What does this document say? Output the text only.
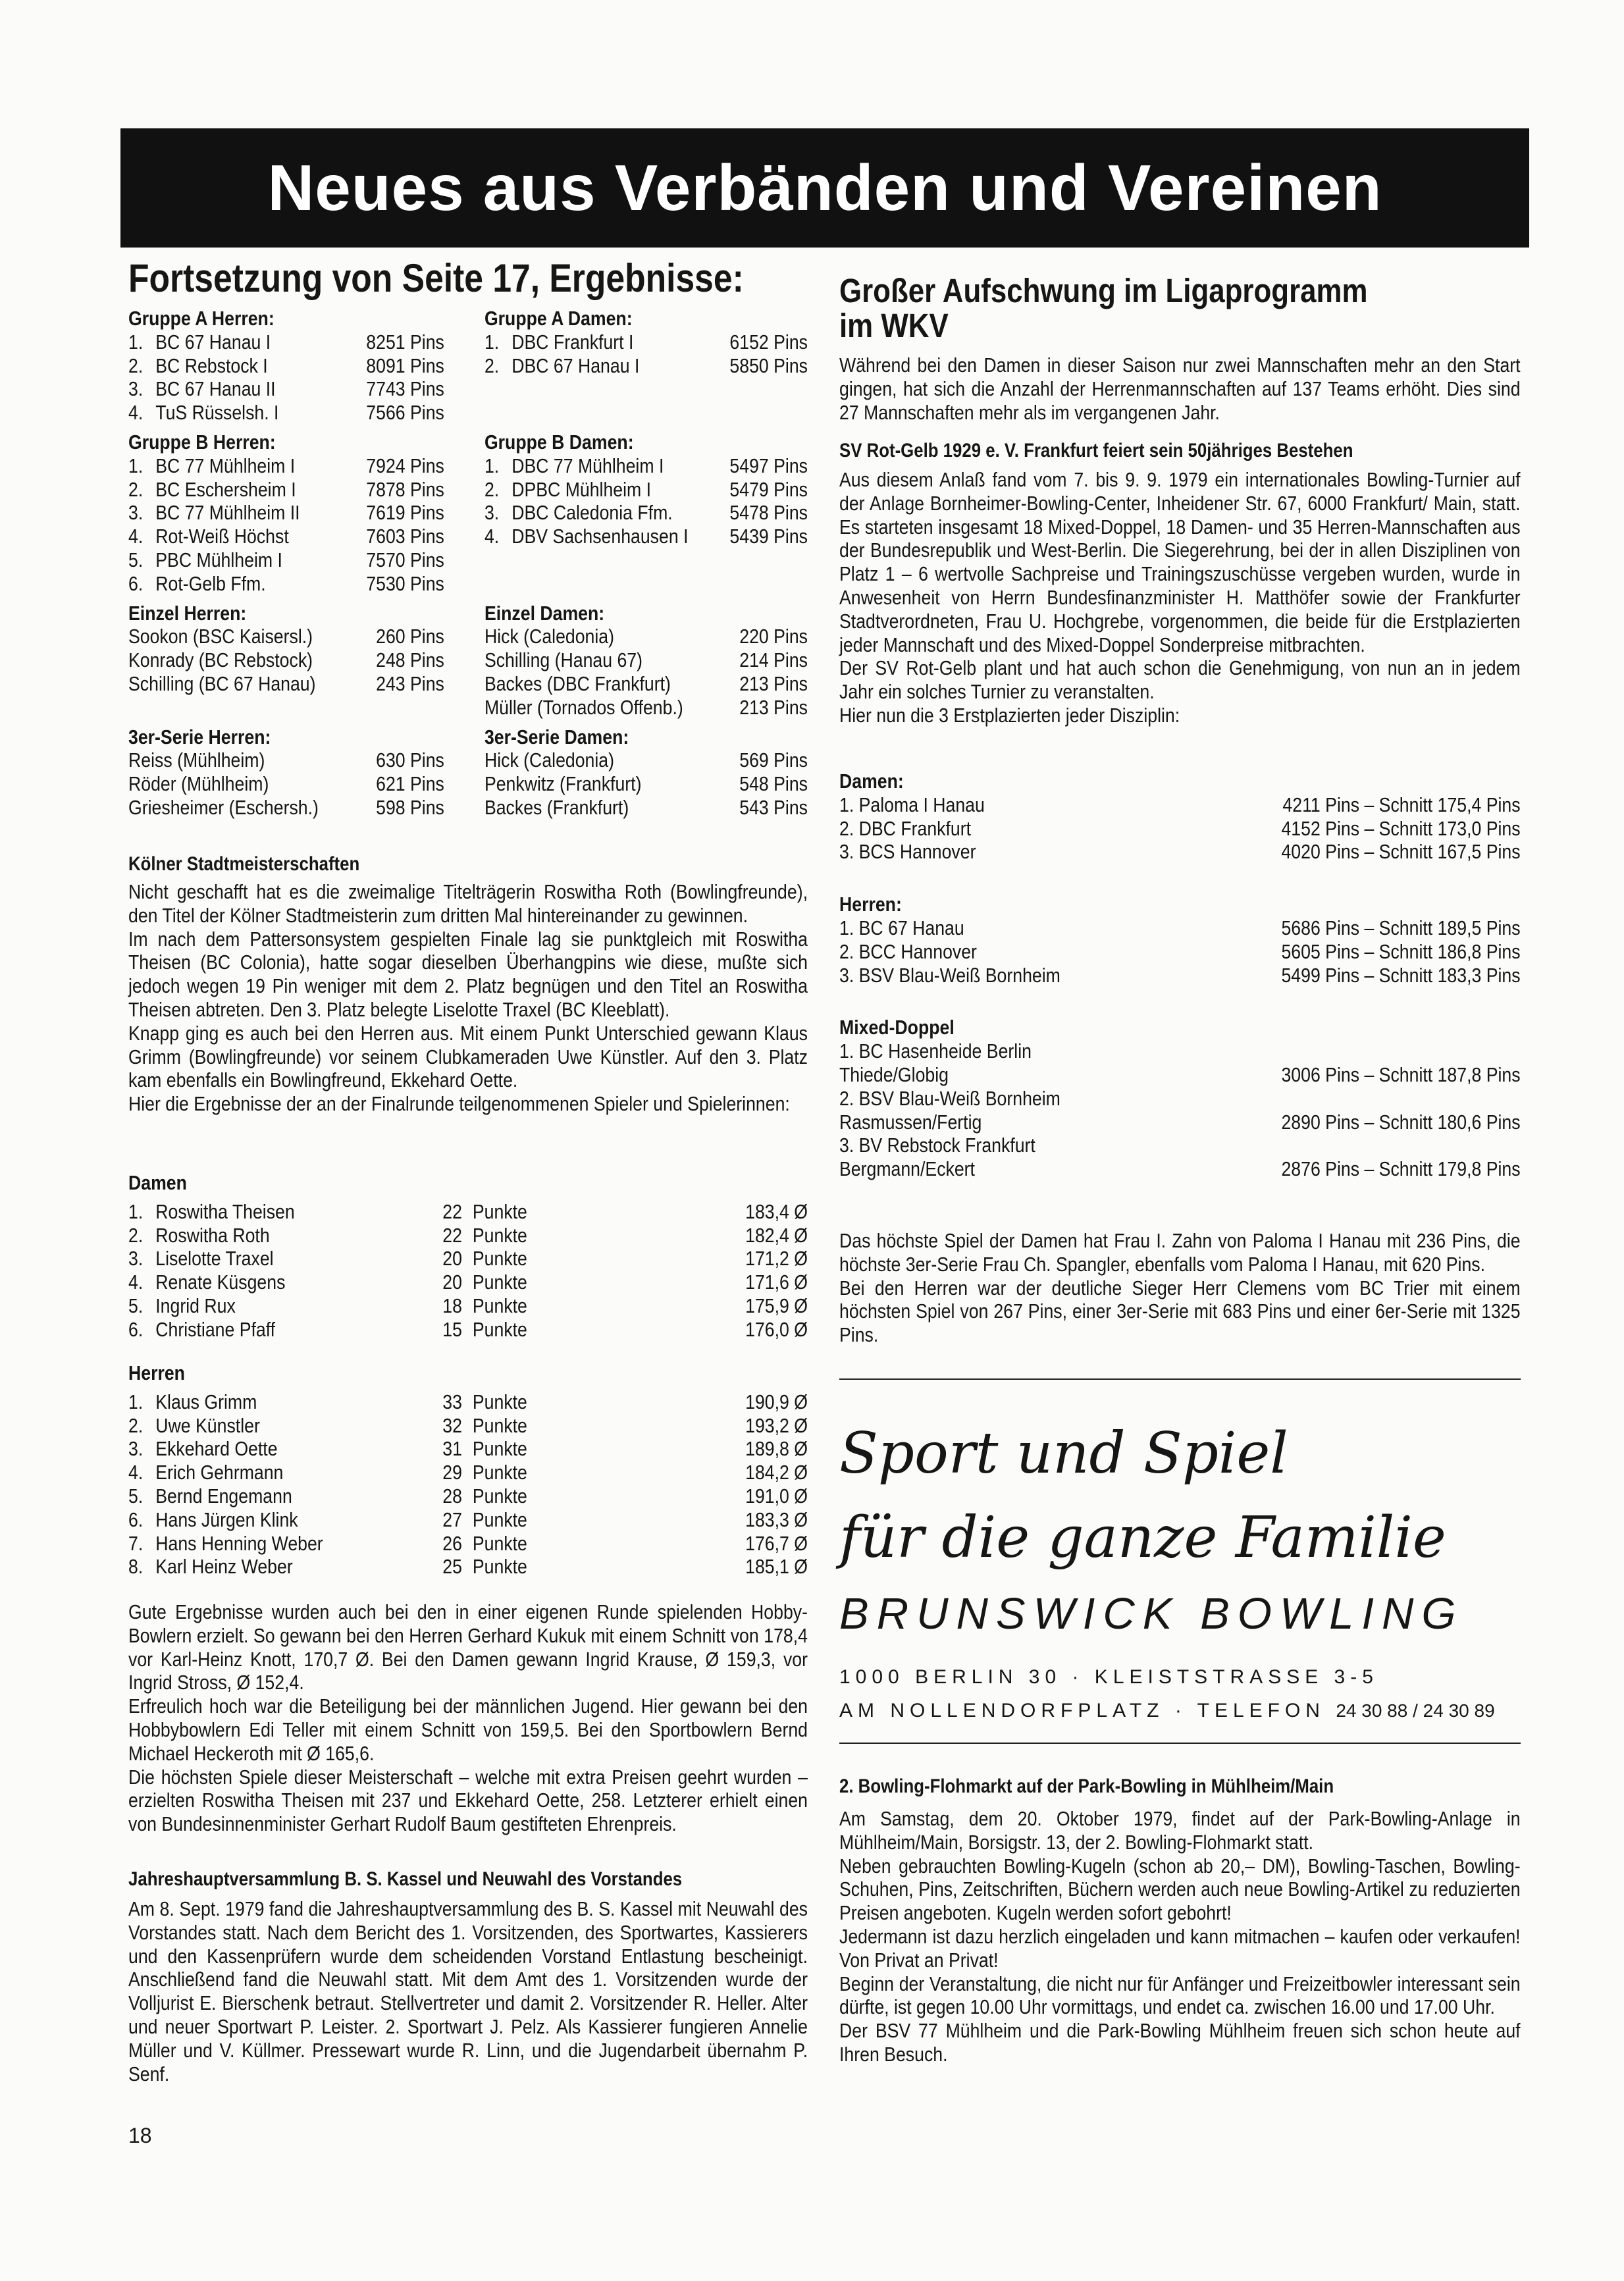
Neues aus Verbänden und Vereinen
Fortsetzung von Seite 17, Ergebnisse:
Gruppe A Herren:
1. BC 67 Hanau I	8251 Pins
2. BC Rebstock I	8091 Pins
3. BC 67 Hanau II	7743 Pins
4. TuS Rüsselsh. I	7566 Pins
Gruppe A Damen:
1. DBC Frankfurt I	6152 Pins
2. DBC 67 Hanau I	5850 Pins
Gruppe B Herren:
1. BC 77 Mühlheim I	7924 Pins
2. BC Eschersheim I	7878 Pins
3. BC 77 Mühlheim II	7619 Pins
4. Rot-Weiß Höchst	7603 Pins
5. PBC Mühlheim I	7570 Pins
6. Rot-Gelb Ffm.	7530 Pins
Gruppe B Damen:
1. DBC 77 Mühlheim I	5497 Pins
2. DPBC Mühlheim I	5479 Pins
3. DBC Caledonia Ffm.	5478 Pins
4. DBV Sachsenhausen I 5439 Pins
Einzel Herren:
Sookon (BSC Kaisersl.)	260 Pins
Konrady (BC Rebstock)	248 Pins
Schilling (BC 67 Hanau)	243 Pins
Einzel Damen:
Hick (Caledonia)	220 Pins
Schilling (Hanau 67)	214 Pins
Backes (DBC Frankfurt)	213 Pins
Müller (Tornados Offenb.)	213 Pins
3er-Serie Herren:
Reiss (Mühlheim)	630 Pins
Röder (Mühlheim)	621 Pins
Griesheimer (Eschersh.)	598 Pins
3er-Serie Damen:
Hick (Caledonia)	569 Pins
Penkwitz (Frankfurt)	548 Pins
Backes (Frankfurt)	543 Pins
Kölner Stadtmeisterschaften

Nicht geschafft hat es die zweimalige Titelträgerin Roswitha Roth (Bowlingfreunde), den Titel der Kölner Stadtmeisterin zum dritten Mal hintereinander zu gewinnen.

Im nach dem Pattersonsystem gespielten Finale lag sie punktgleich mit Roswitha Theisen (BC Colonia), hatte sogar dieselben Überhangpins wie diese, mußte sich jedoch wegen 19 Pin weniger mit dem 2. Platz begnügen und den Titel an Roswitha Theisen abtreten. Den 3. Platz belegte Liselotte Traxel (BC Kleeblatt).

Knapp ging es auch bei den Herren aus. Mit einem Punkt Unterschied gewann Klaus Grimm (Bowlingfreunde) vor seinem Clubkameraden Uwe Künstler. Auf den 3. Platz kam ebenfalls ein Bowlingfreund, Ekkehard Oette.

Hier die Ergebnisse der an der Finalrunde teilgenommenen Spieler und Spielerinnen:

Damen
1. Roswitha Theisen	22 Punkte	183,4 Ø
2. Roswitha Roth	22 Punkte	182,4 Ø
3. Liselotte Traxel	20 Punkte	171,2 Ø
4. Renate Küsgens	20 Punkte	171,6 Ø
5. Ingrid Rux	18 Punkte	175,9 Ø
6. Christiane Pfaff	15 Punkte	176,0 Ø
Herren
1. Klaus Grimm	33 Punkte	190,9 Ø
2. Uwe Künstler	32 Punkte	193,2 Ø
3. Ekkehard Oette	31 Punkte	189,8 Ø
4. Erich Gehrmann	29 Punkte	184,2 Ø
5. Bernd Engemann	28 Punkte	191,0 Ø
6. Hans Jürgen Klink	27 Punkte	183,3 Ø
7. Hans Henning Weber	26 Punkte	176,7 Ø
8. Karl Heinz Weber	25 Punkte	185,1 Ø

Gute Ergebnisse wurden auch bei den in einer eigenen Runde spielenden Hobby-Bowlern erzielt. So gewann bei den Herren Gerhard Kukuk mit einem Schnitt von 178,4 vor Karl-Heinz Knott, 170,7 Ø. Bei den Damen gewann Ingrid Krause, Ø 159,3, vor Ingrid Stross, Ø 152,4.

Erfreulich hoch war die Beteiligung bei der männlichen Jugend. Hier gewann bei den Hobbybowlern Edi Teller mit einem Schnitt von 159,5. Bei den Sportbowlern Bernd Michael Heckeroth mit Ø 165,6.

Die höchsten Spiele dieser Meisterschaft – welche mit extra Preisen geehrt wurden – erzielten Roswitha Theisen mit 237 und Ekkehard Oette, 258. Letzterer erhielt einen von Bundesinnenminister Gerhart Rudolf Baum gestifteten Ehrenpreis.

Jahreshauptversammlung B. S. Kassel und Neuwahl des Vorstandes

Am 8. Sept. 1979 fand die Jahreshauptversammlung des B. S. Kassel mit Neuwahl des Vorstandes statt. Nach dem Bericht des 1. Vorsitzenden, des Sportwartes, Kassierers und den Kassenprüfern wurde dem scheidenden Vorstand Entlastung bescheinigt. Anschließend fand die Neuwahl statt. Mit dem Amt des 1. Vorsitzenden wurde der Volljurist E. Bierschenk betraut. Stellvertreter und damit 2. Vorsitzender R. Heller. Alter und neuer Sportwart P. Leister. 2. Sportwart J. Pelz. Als Kassierer fungieren Annelie Müller und V. Küllmer. Pressewart wurde R. Linn, und die Jugendarbeit übernahm P. Senf.

Großer Aufschwung im Ligaprogramm im WKV

Während bei den Damen in dieser Saison nur zwei Mannschaften mehr an den Start gingen, hat sich die Anzahl der Herrenmannschaften auf 137 Teams erhöht. Dies sind 27 Mannschaften mehr als im vergangenen Jahr.

SV Rot-Gelb 1929 e. V. Frankfurt feiert sein 50jähriges Bestehen

Aus diesem Anlaß fand vom 7. bis 9. 9. 1979 ein internationales Bowling-Turnier auf der Anlage Bornheimer-Bowling-Center, Inheidener Str. 67, 6000 Frankfurt/ Main, statt. Es starteten insgesamt 18 Mixed-Doppel, 18 Damen- und 35 Herren-Mannschaften aus der Bundesrepublik und West-Berlin. Die Siegerehrung, bei der in allen Disziplinen von Platz 1 – 6 wertvolle Sachpreise und Trainingszuschüsse vergeben wurden, wurde in Anwesenheit von Herrn Bundesfinanzminister H. Matthöfer sowie der Frankfurter Stadtverordneten, Frau U. Hochgrebe, vorgenommen, die beide für die Erstplazierten jeder Mannschaft und des Mixed-Doppel Sonderpreise mitbrachten.

Der SV Rot-Gelb plant und hat auch schon die Genehmigung, von nun an in jedem Jahr ein solches Turnier zu veranstalten.

Hier nun die 3 Erstplazierten jeder Disziplin:

Damen:
1. Paloma I Hanau	4211 Pins – Schnitt 175,4 Pins
2. DBC Frankfurt	4152 Pins – Schnitt 173,0 Pins
3. BCS Hannover	4020 Pins – Schnitt 167,5 Pins
Herren:
1. BC 67 Hanau	5686 Pins – Schnitt 189,5 Pins
2. BCC Hannover	5605 Pins – Schnitt 186,8 Pins
3. BSV Blau-Weiß Bornheim	5499 Pins – Schnitt 183,3 Pins
Mixed-Doppel
1. BC Hasenheide Berlin
Thiede/Globig	3006 Pins – Schnitt 187,8 Pins
2. BSV Blau-Weiß Bornheim
Rasmussen/Fertig	2890 Pins – Schnitt 180,6 Pins
3. BV Rebstock Frankfurt
Bergmann/Eckert	2876 Pins – Schnitt 179,8 Pins

Das höchste Spiel der Damen hat Frau I. Zahn von Paloma I Hanau mit 236 Pins, die höchste 3er-Serie Frau Ch. Spangler, ebenfalls vom Paloma I Hanau, mit 620 Pins.

Bei den Herren war der deutliche Sieger Herr Clemens vom BC Trier mit einem höchsten Spiel von 267 Pins, einer 3er-Serie mit 683 Pins und einer 6er-Serie mit 1325 Pins.

2. Bowling-Flohmarkt auf der Park-Bowling in Mühlheim/Main

Am Samstag, dem 20. Oktober 1979, findet auf der Park-Bowling-Anlage in Mühlheim/Main, Borsigstr. 13, der 2. Bowling-Flohmarkt statt.

Neben gebrauchten Bowling-Kugeln (schon ab 20,– DM), Bowling-Taschen, Bowling-Schuhen, Pins, Zeitschriften, Büchern werden auch neue Bowling-Artikel zu reduzierten Preisen angeboten. Kugeln werden sofort gebohrt!

Jedermann ist dazu herzlich eingeladen und kann mitmachen – kaufen oder verkaufen! Von Privat an Privat!

Beginn der Veranstaltung, die nicht nur für Anfänger und Freizeitbowler interessant sein dürfte, ist gegen 10.00 Uhr vormittags, und endet ca. zwischen 16.00 und 17.00 Uhr.

Der BSV 77 Mühlheim und die Park-Bowling Mühlheim freuen sich schon heute auf Ihren Besuch.

Sport und Spiel
für die ganze Familie
BRUNSWICK BOWLING
1000 BERLIN 30 · KLEISTSTRASSE 3-5
AM NOLLENDORFPLATZ · TELEFON 24 30 88 / 24 30 89
18
